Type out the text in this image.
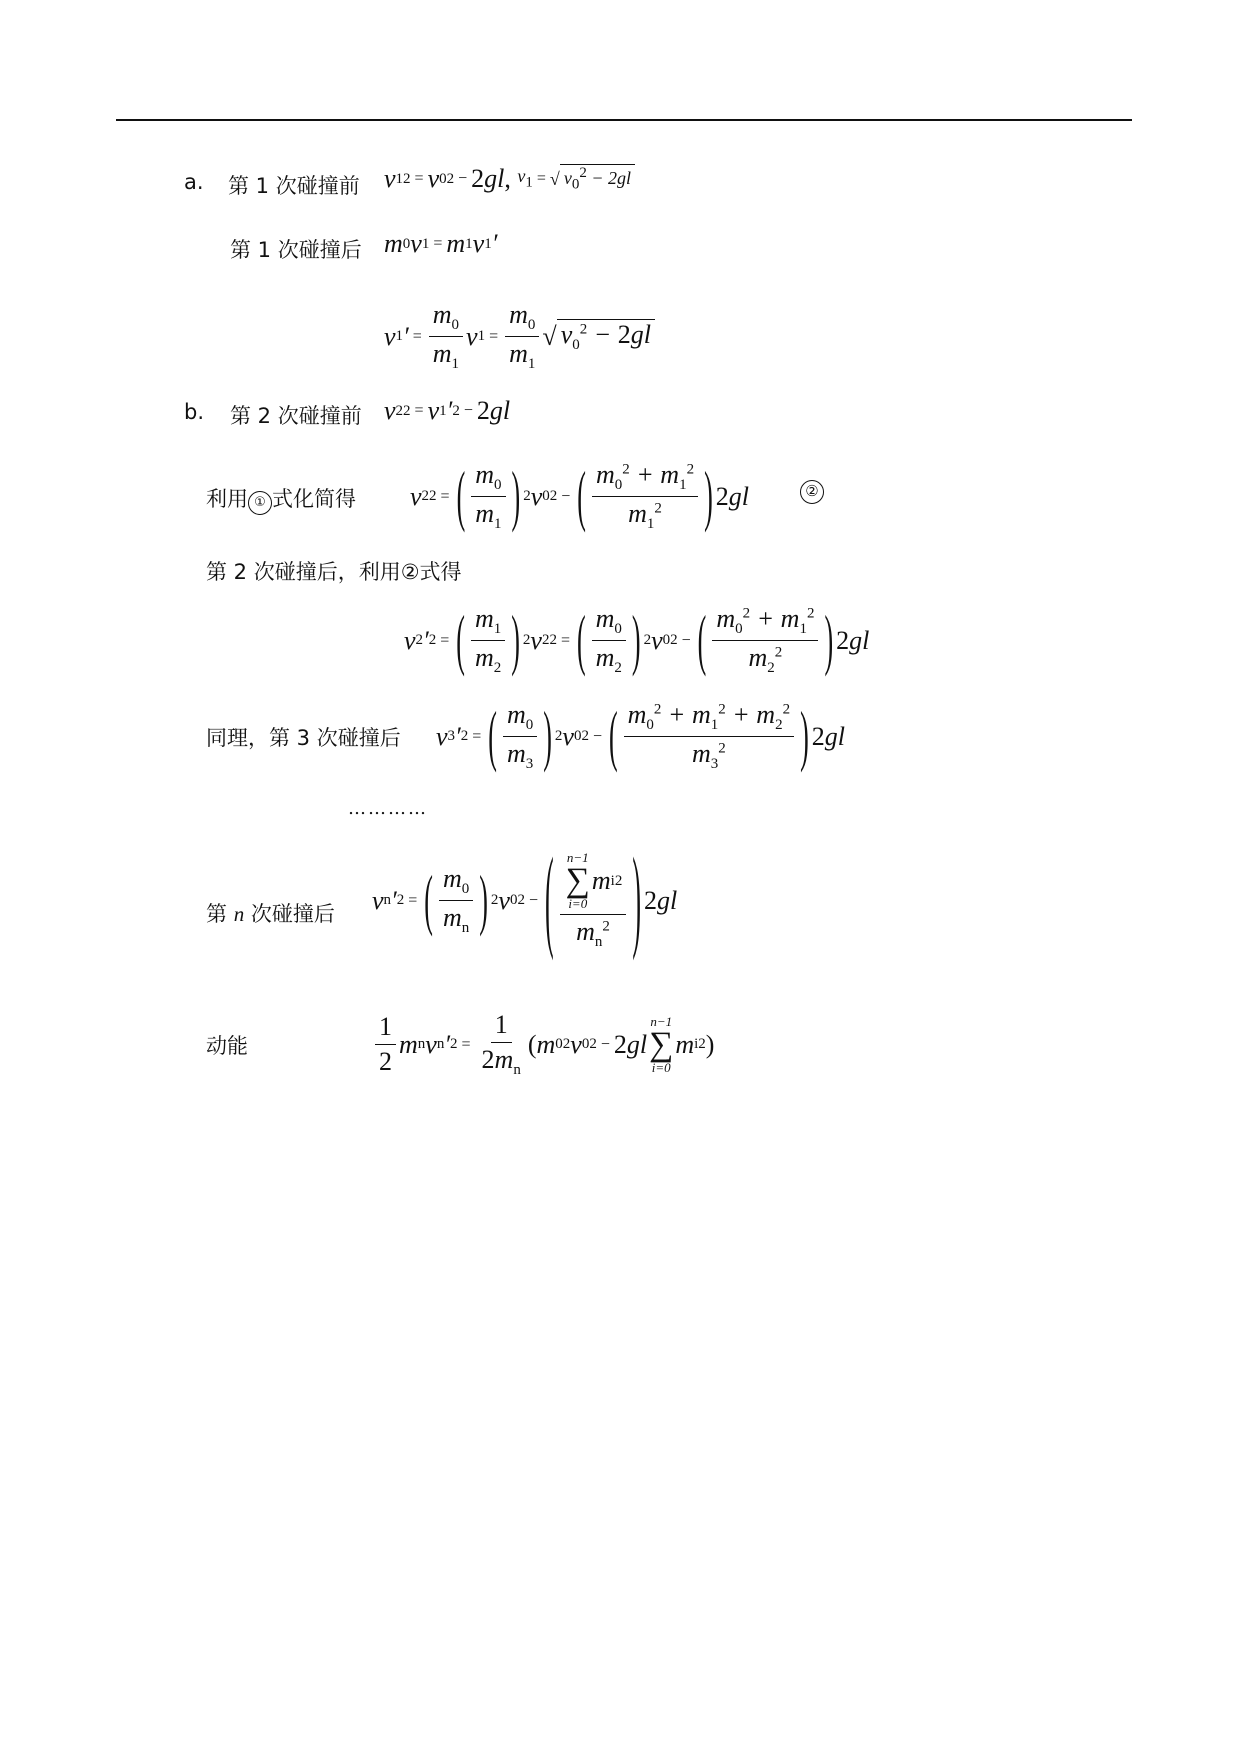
a. 第 1 次碰撞前 v 1 2 = v 0 2 − 2 gl , $v_1$ = √ $v_0^2 - 2gl$
第 1 次碰撞后 m 0 v 1 = m 1 v 1 ′
v 1 ′ = $\frac{m_0}{m_1}$ v $1 = \frac{m_0}{m_1}$ √ $v_0^2 - 2gl$
b. 第 2 次碰撞前 v 2 2 = v 1 ′ 2 − 2 gl
利用 ① 式化简得 v 2 2 = ( $\frac{m_0}{m_1}$ ) 2 v 0 2 − ( $\frac{m_0^2 + m_1^2}{m_1^2}$ ) 2 gl	②
第 2 次碰撞后，利用②式得
v 2 ′ 2 = ( $\frac{m_1}{m_2}$ ) 2 v 2 2 = ( $\frac{m_0}{m_2}$ ) 2 v 0 2 − ( $\frac{m_0^2 + m_1^2}{m_2^2}$ ) 2 gl
同理，第 3 次碰撞后 v 3 ′ 2 = ( $\frac{m_0}{m_3}$ ) 2 v 0 2 − ( $\frac{m_0^2 + m_1^2 + m_2^2}{m_3^2}$ ) 2 gl
…………
第 n 次碰撞后 v n ′ 2 = ( $\frac{m_0}{m_n}$ ) 2 v 0 2 − ( n−1
∑
i=0
m i 2
$m_n^2$ ) 2 gl
动能	$\frac{1}{2}$ m n v n ′ $2 = \frac{1}{2m_n}$ ( m 0 2 v 0 2 − 2 gl
n−1
∑
i=0
m i 2 )
